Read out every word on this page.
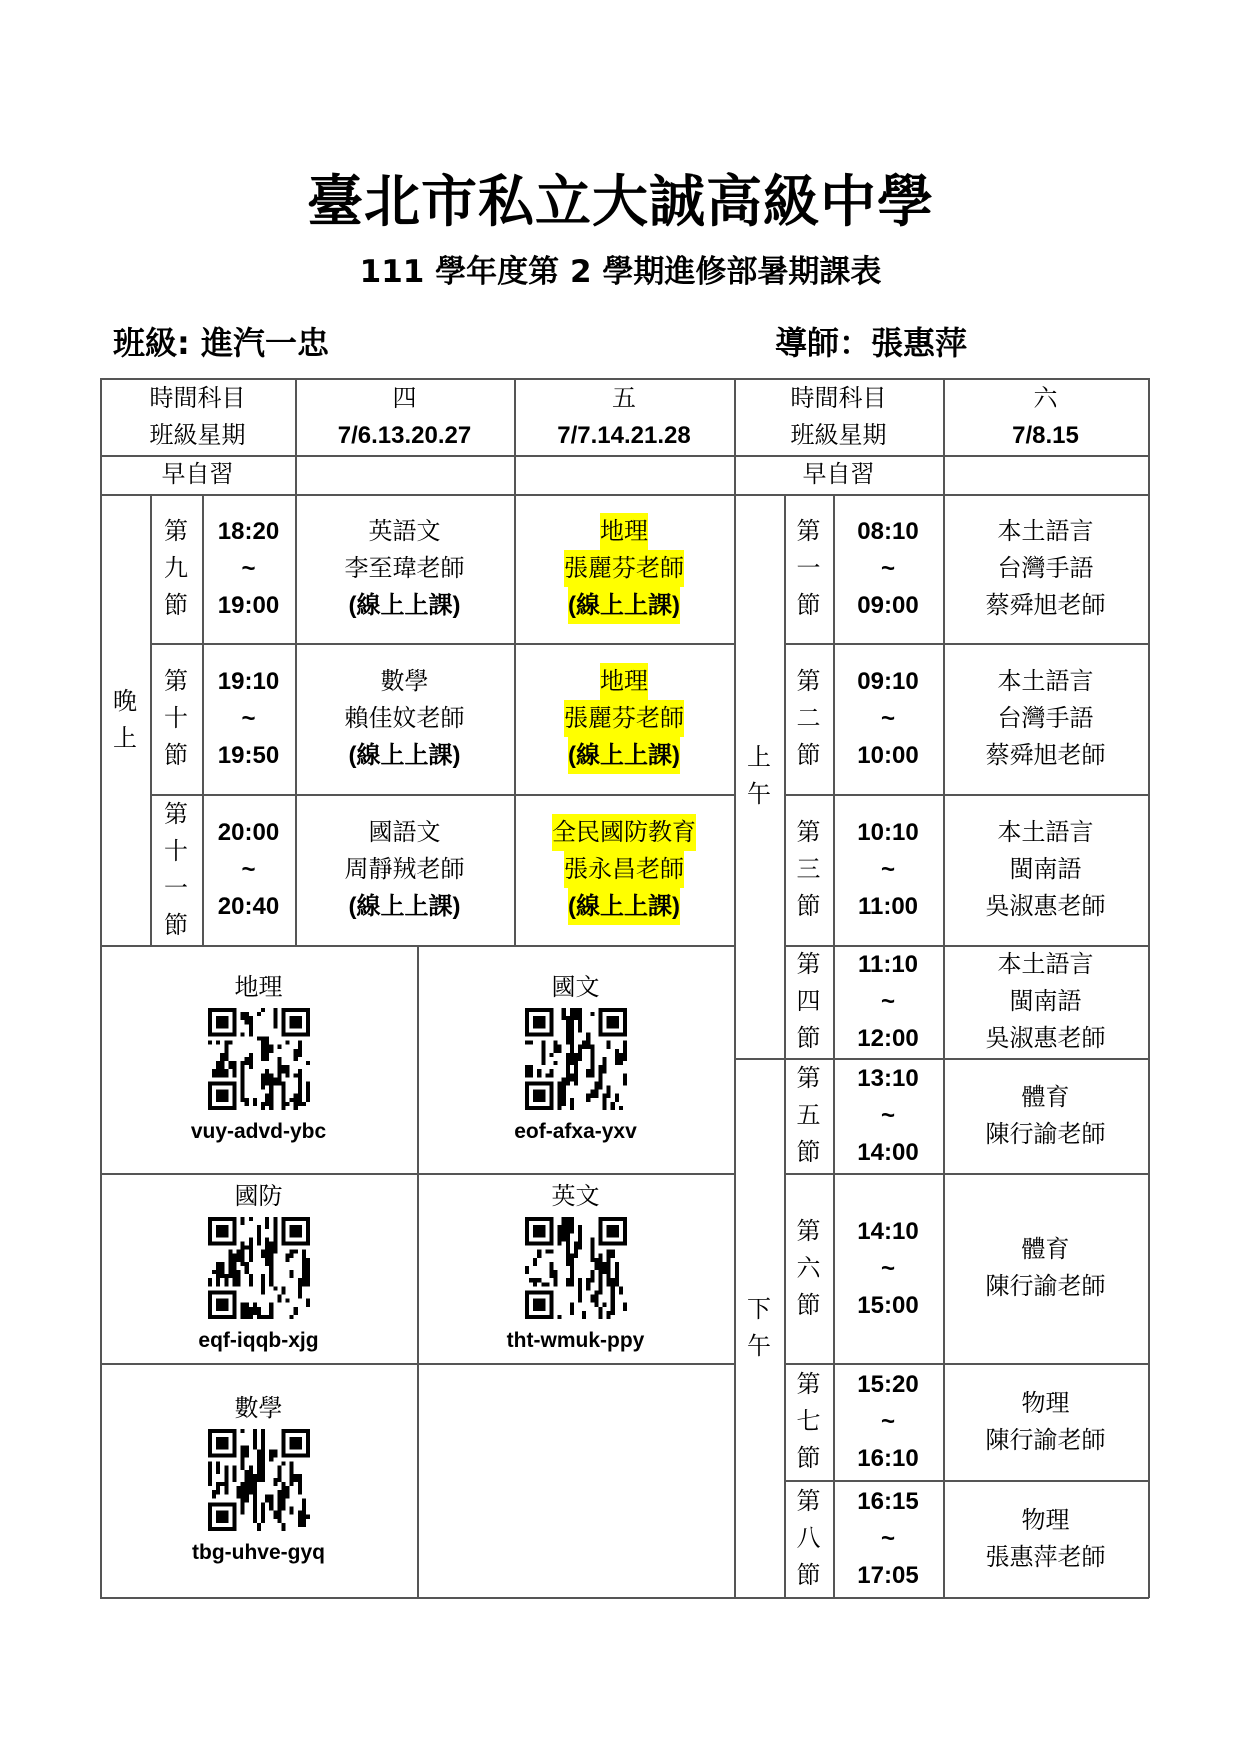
臺北市私立大誠高級中學
111 學年度第 2 學期進修部暑期課表
班級: 進汽一忠	導師：張惠萍
時間科目
班級星期
四
7/6.13.20.27
五
7/7.14.21.28
時間科目
班級星期
六
7/8.15
早自習	早自習
晚
上
第
九
節
18:20
~
19:00
英語文
李至瑋老師
(線上上課)
地理
張麗芬老師
(線上上課)
第
十
節
19:10
~
19:50
數學
賴佳妏老師
(線上上課)
地理
張麗芬老師
(線上上課)
第
十
一
節
20:00
~
20:40
國語文
周靜羢老師
(線上上課)
全民國防教育
張永昌老師
(線上上課)
上
午
下
午
第
一
節
08:10
~
09:00
本土語言
台灣手語
蔡舜旭老師
第
二
節
09:10
~
10:00
本土語言
台灣手語
蔡舜旭老師
第
三
節
10:10
~
11:00
本土語言
閩南語
吳淑惠老師
第
四
節
11:10
~
12:00
本土語言
閩南語
吳淑惠老師
第
五
節
13:10
~
14:00
體育
陳行諭老師
第
六
節
14:10
~
15:00
體育
陳行諭老師
第
七
節
15:20
~
16:10
物理
陳行諭老師
第
八
節
16:15
~
17:05
物理
張惠萍老師
地理
vuy-advd-ybc
國文
eof-afxa-yxv
國防
eqf-iqqb-xjg
英文
tht-wmuk-ppy
數學
tbg-uhve-gyq
